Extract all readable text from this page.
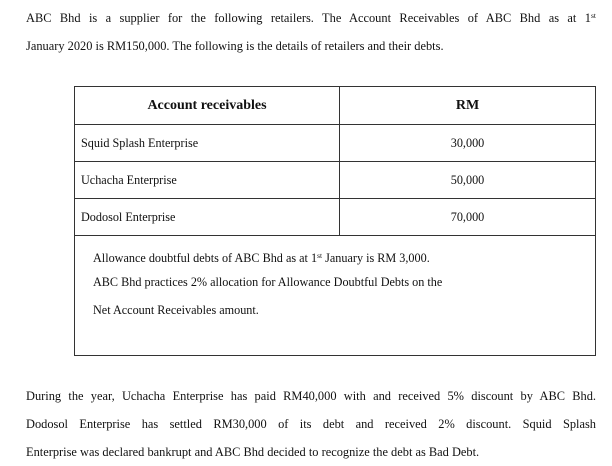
ABC Bhd is a supplier for the following retailers. The Account Receivables of ABC Bhd as at 1st
January 2020 is RM150,000. The following is the details of retailers and their debts.
Account receivables	RM
Squid Splash Enterprise	30,000
Uchacha Enterprise	50,000
Dodosol Enterprise	70,000

Allowance doubtful debts of ABC Bhd as at 1st January is RM 3,000.

ABC Bhd practices 2% allocation for Allowance Doubtful Debts on the

Net Account Receivables amount.	

During the year, Uchacha Enterprise has paid RM40,000 with and received 5% discount by ABC Bhd.
Dodosol Enterprise has settled RM30,000 of its debt and received 2% discount. Squid Splash
Enterprise was declared bankrupt and ABC Bhd decided to recognize the debt as Bad Debt.
